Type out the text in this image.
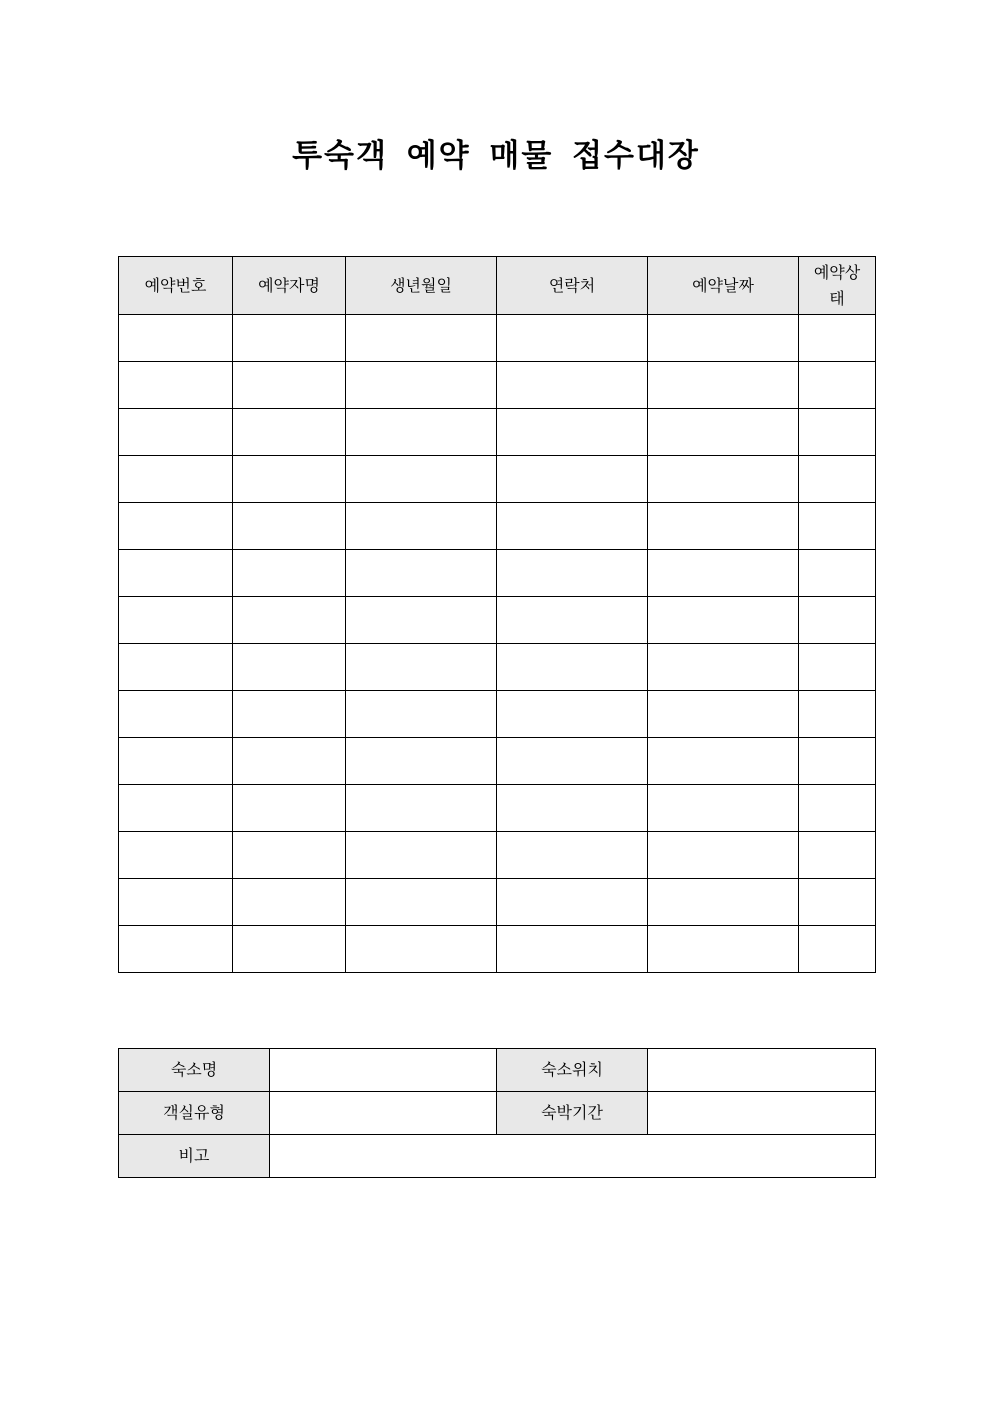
투숙객 예약 매물 접수대장
예약번호	예약자명	생년월일	연락처	예약날짜	예약상
태

숙소명		숙소위치	
객실유형		숙박기간	
비고			
